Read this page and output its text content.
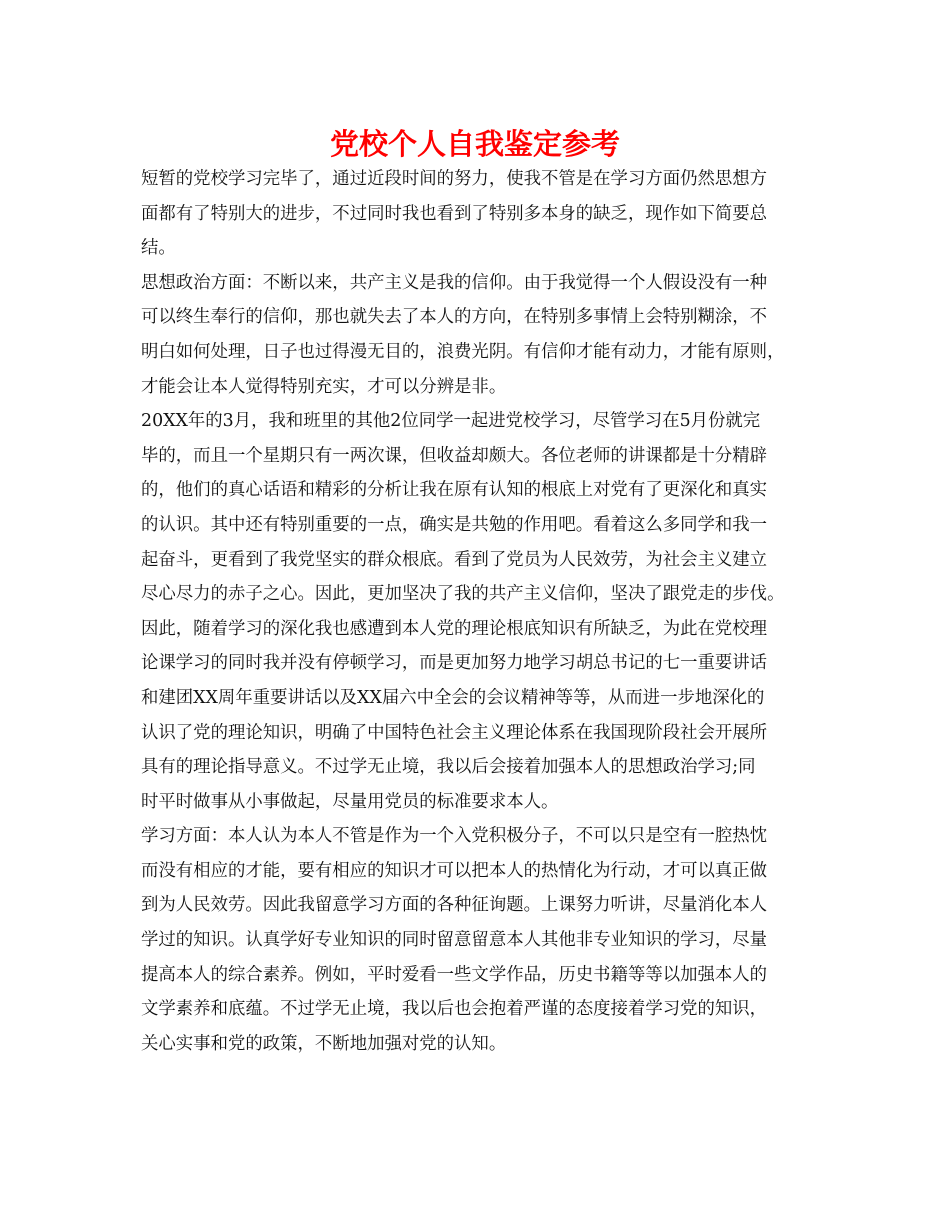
党校个人自我鉴定参考
短暂的党校学习完毕了，通过近段时间的努力，使我不管是在学习方面仍然思想方
面都有了特别大的进步，不过同时我也看到了特别多本身的缺乏，现作如下简要总
结。
思想政治方面：不断以来，共产主义是我的信仰。由于我觉得一个人假设没有一种
可以终生奉行的信仰，那也就失去了本人的方向，在特别多事情上会特别糊涂，不
明白如何处理，日子也过得漫无目的，浪费光阴。有信仰才能有动力，才能有原则，
才能会让本人觉得特别充实，才可以分辨是非。
20XX年的3月，我和班里的其他2位同学一起进党校学习，尽管学习在5月份就完
毕的，而且一个星期只有一两次课，但收益却颇大。各位老师的讲课都是十分精辟
的，他们的真心话语和精彩的分析让我在原有认知的根底上对党有了更深化和真实
的认识。其中还有特别重要的一点，确实是共勉的作用吧。看着这么多同学和我一
起奋斗，更看到了我党坚实的群众根底。看到了党员为人民效劳，为社会主义建立
尽心尽力的赤子之心。因此，更加坚决了我的共产主义信仰，坚决了跟党走的步伐。
因此，随着学习的深化我也感遭到本人党的理论根底知识有所缺乏，为此在党校理
论课学习的同时我并没有停顿学习，而是更加努力地学习胡总书记的七一重要讲话
和建团XX周年重要讲话以及XX届六中全会的会议精神等等，从而进一步地深化的
认识了党的理论知识，明确了中国特色社会主义理论体系在我国现阶段社会开展所
具有的理论指导意义。不过学无止境，我以后会接着加强本人的思想政治学习;同
时平时做事从小事做起，尽量用党员的标准要求本人。
学习方面：本人认为本人不管是作为一个入党积极分子，不可以只是空有一腔热忱
而没有相应的才能，要有相应的知识才可以把本人的热情化为行动，才可以真正做
到为人民效劳。因此我留意学习方面的各种征询题。上课努力听讲，尽量消化本人
学过的知识。认真学好专业知识的同时留意留意本人其他非专业知识的学习，尽量
提高本人的综合素养。例如，平时爱看一些文学作品，历史书籍等等以加强本人的
文学素养和底蕴。不过学无止境，我以后也会抱着严谨的态度接着学习党的知识，
关心实事和党的政策，不断地加强对党的认知。
